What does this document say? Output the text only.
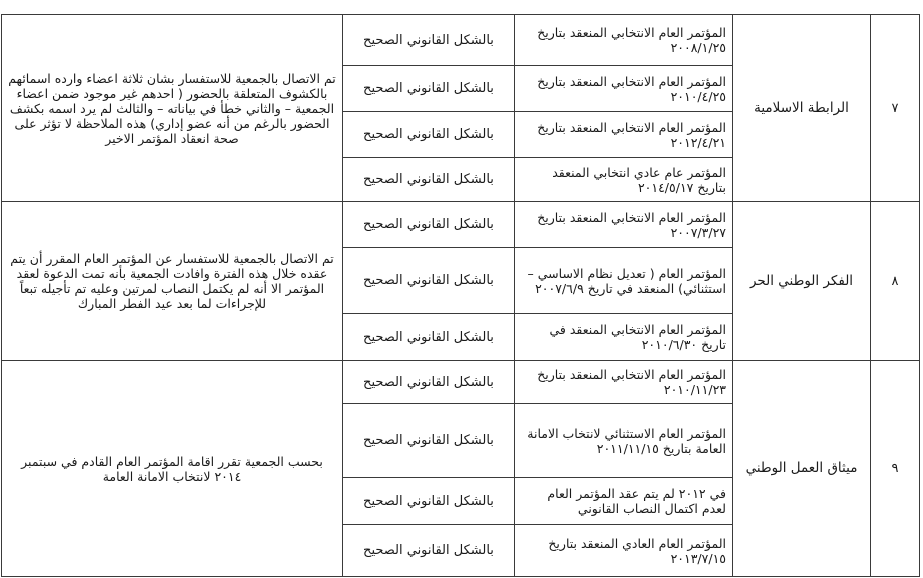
٧	الرابطة الاسلامية	المؤتمر العام الانتخابي المنعقد بتاريخ ٢٠٠٨/١/٢٥	بالشكل القانوني الصحيح	تم الاتصال بالجمعية للاستفسار بشان ثلاثة اعضاء وارده اسمائهم بالكشوف المتعلقة بالحضور ( احدهم غير موجود ضمن اعضاء الجمعية – والثاني خطأ في بياناته – والثالث لم يرد اسمه بكشف الحضور بالرغم من أنه عضو إداري) هذه الملاحظة لا تؤثر على صحة انعقاد المؤتمر الاخير
		المؤتمر العام الانتخابي المنعقد بتاريخ ٢٠١٠/٤/٢٥	بالشكل القانوني الصحيح	
		المؤتمر العام الانتخابي المنعقد بتاريخ ٢٠١٢/٤/٢١	بالشكل القانوني الصحيح	
		المؤتمر عام عادي انتخابي المنعقد بتاريخ ٢٠١٤/٥/١٧	بالشكل القانوني الصحيح	
٨	الفكر الوطني الحر	المؤتمر العام الانتخابي المنعقد بتاريخ ٢٠٠٧/٣/٢٧	بالشكل القانوني الصحيح	تم الاتصال بالجمعية للاستفسار عن المؤتمر العام المقرر أن يتم عقده خلال هذه الفترة وافادت الجمعية بأنه تمت الدعوة لعقد المؤتمر الا أنه لم يكتمل النصاب لمرتين وعليه تم تأجيله تبعاً للإجراءات لما بعد عيد الفطر المبارك
		المؤتمر العام ( تعديل نظام الاساسي – استثنائي) المنعقد في تاريخ ٢٠٠٧/٦/٩	بالشكل القانوني الصحيح	
		المؤتمر العام الانتخابي المنعقد في تاريخ ٢٠١٠/٦/٣٠	بالشكل القانوني الصحيح	
٩	ميثاق العمل الوطني	المؤتمر العام الانتخابي المنعقد بتاريخ ٢٠١٠/١١/٢٣	بالشكل القانوني الصحيح	بحسب الجمعية تقرر اقامة المؤتمر العام القادم في سبتمبر ٢٠١٤ لانتخاب الامانة العامة
		المؤتمر العام الاستثنائي لانتخاب الامانة العامة بتاريخ ٢٠١١/١١/١٥	بالشكل القانوني الصحيح	
		في ٢٠١٢ لم يتم عقد المؤتمر العام لعدم اكتمال النصاب القانوني	بالشكل القانوني الصحيح	
		المؤتمر العام العادي المنعقد بتاريخ ٢٠١٣/٧/١٥	بالشكل القانوني الصحيح	
